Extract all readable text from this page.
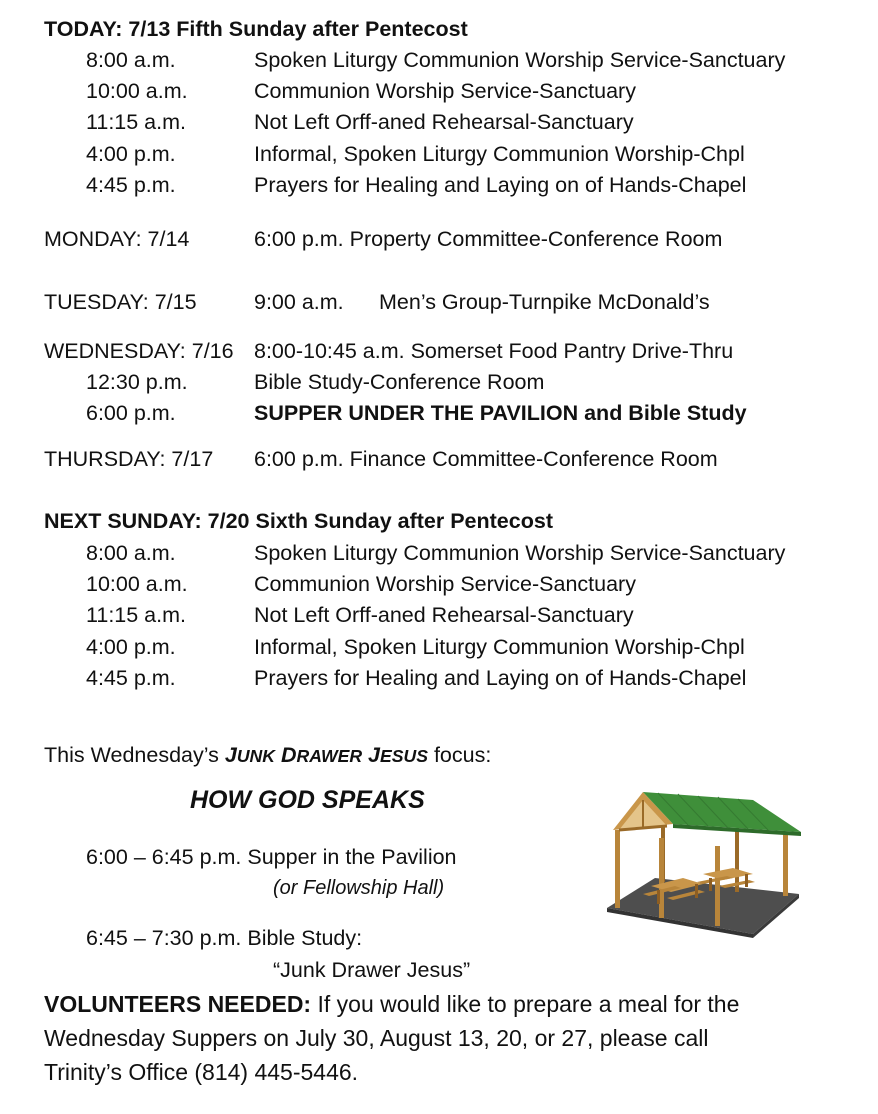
TODAY: 7/13 Fifth Sunday after Pentecost
8:00 a.m.	Spoken Liturgy Communion Worship Service-Sanctuary
10:00 a.m.	Communion Worship Service-Sanctuary
11:15 a.m.	Not Left Orff-aned Rehearsal-Sanctuary
4:00 p.m.	Informal, Spoken Liturgy Communion Worship-Chpl
4:45 p.m.	Prayers for Healing and Laying on of Hands-Chapel
MONDAY: 7/14	6:00 p.m. Property Committee-Conference Room
TUESDAY: 7/15	9:00 a.m. Men’s Group-Turnpike McDonald’s
WEDNESDAY: 7/16 8:00-10:45 a.m. Somerset Food Pantry Drive-Thru
12:30 p.m.	Bible Study-Conference Room
6:00 p.m.	SUPPER UNDER THE PAVILION and Bible Study
THURSDAY: 7/17 6:00 p.m. Finance Committee-Conference Room
NEXT SUNDAY: 7/20 Sixth Sunday after Pentecost
8:00 a.m.	Spoken Liturgy Communion Worship Service-Sanctuary
10:00 a.m.	Communion Worship Service-Sanctuary
11:15 a.m.	Not Left Orff-aned Rehearsal-Sanctuary
4:00 p.m.	Informal, Spoken Liturgy Communion Worship-Chpl
4:45 p.m.	Prayers for Healing and Laying on of Hands-Chapel
This Wednesday’s JUNK DRAWER JESUS focus:
HOW GOD SPEAKS
6:00 – 6:45 p.m. Supper in the Pavilion
(or Fellowship Hall)
6:45 – 7:30 p.m. Bible Study:
“Junk Drawer Jesus”
VOLUNTEERS NEEDED: If you would like to prepare a meal for the
Wednesday Suppers on July 30, August 13, 20, or 27, please call
Trinity’s Office (814) 445-5446.
